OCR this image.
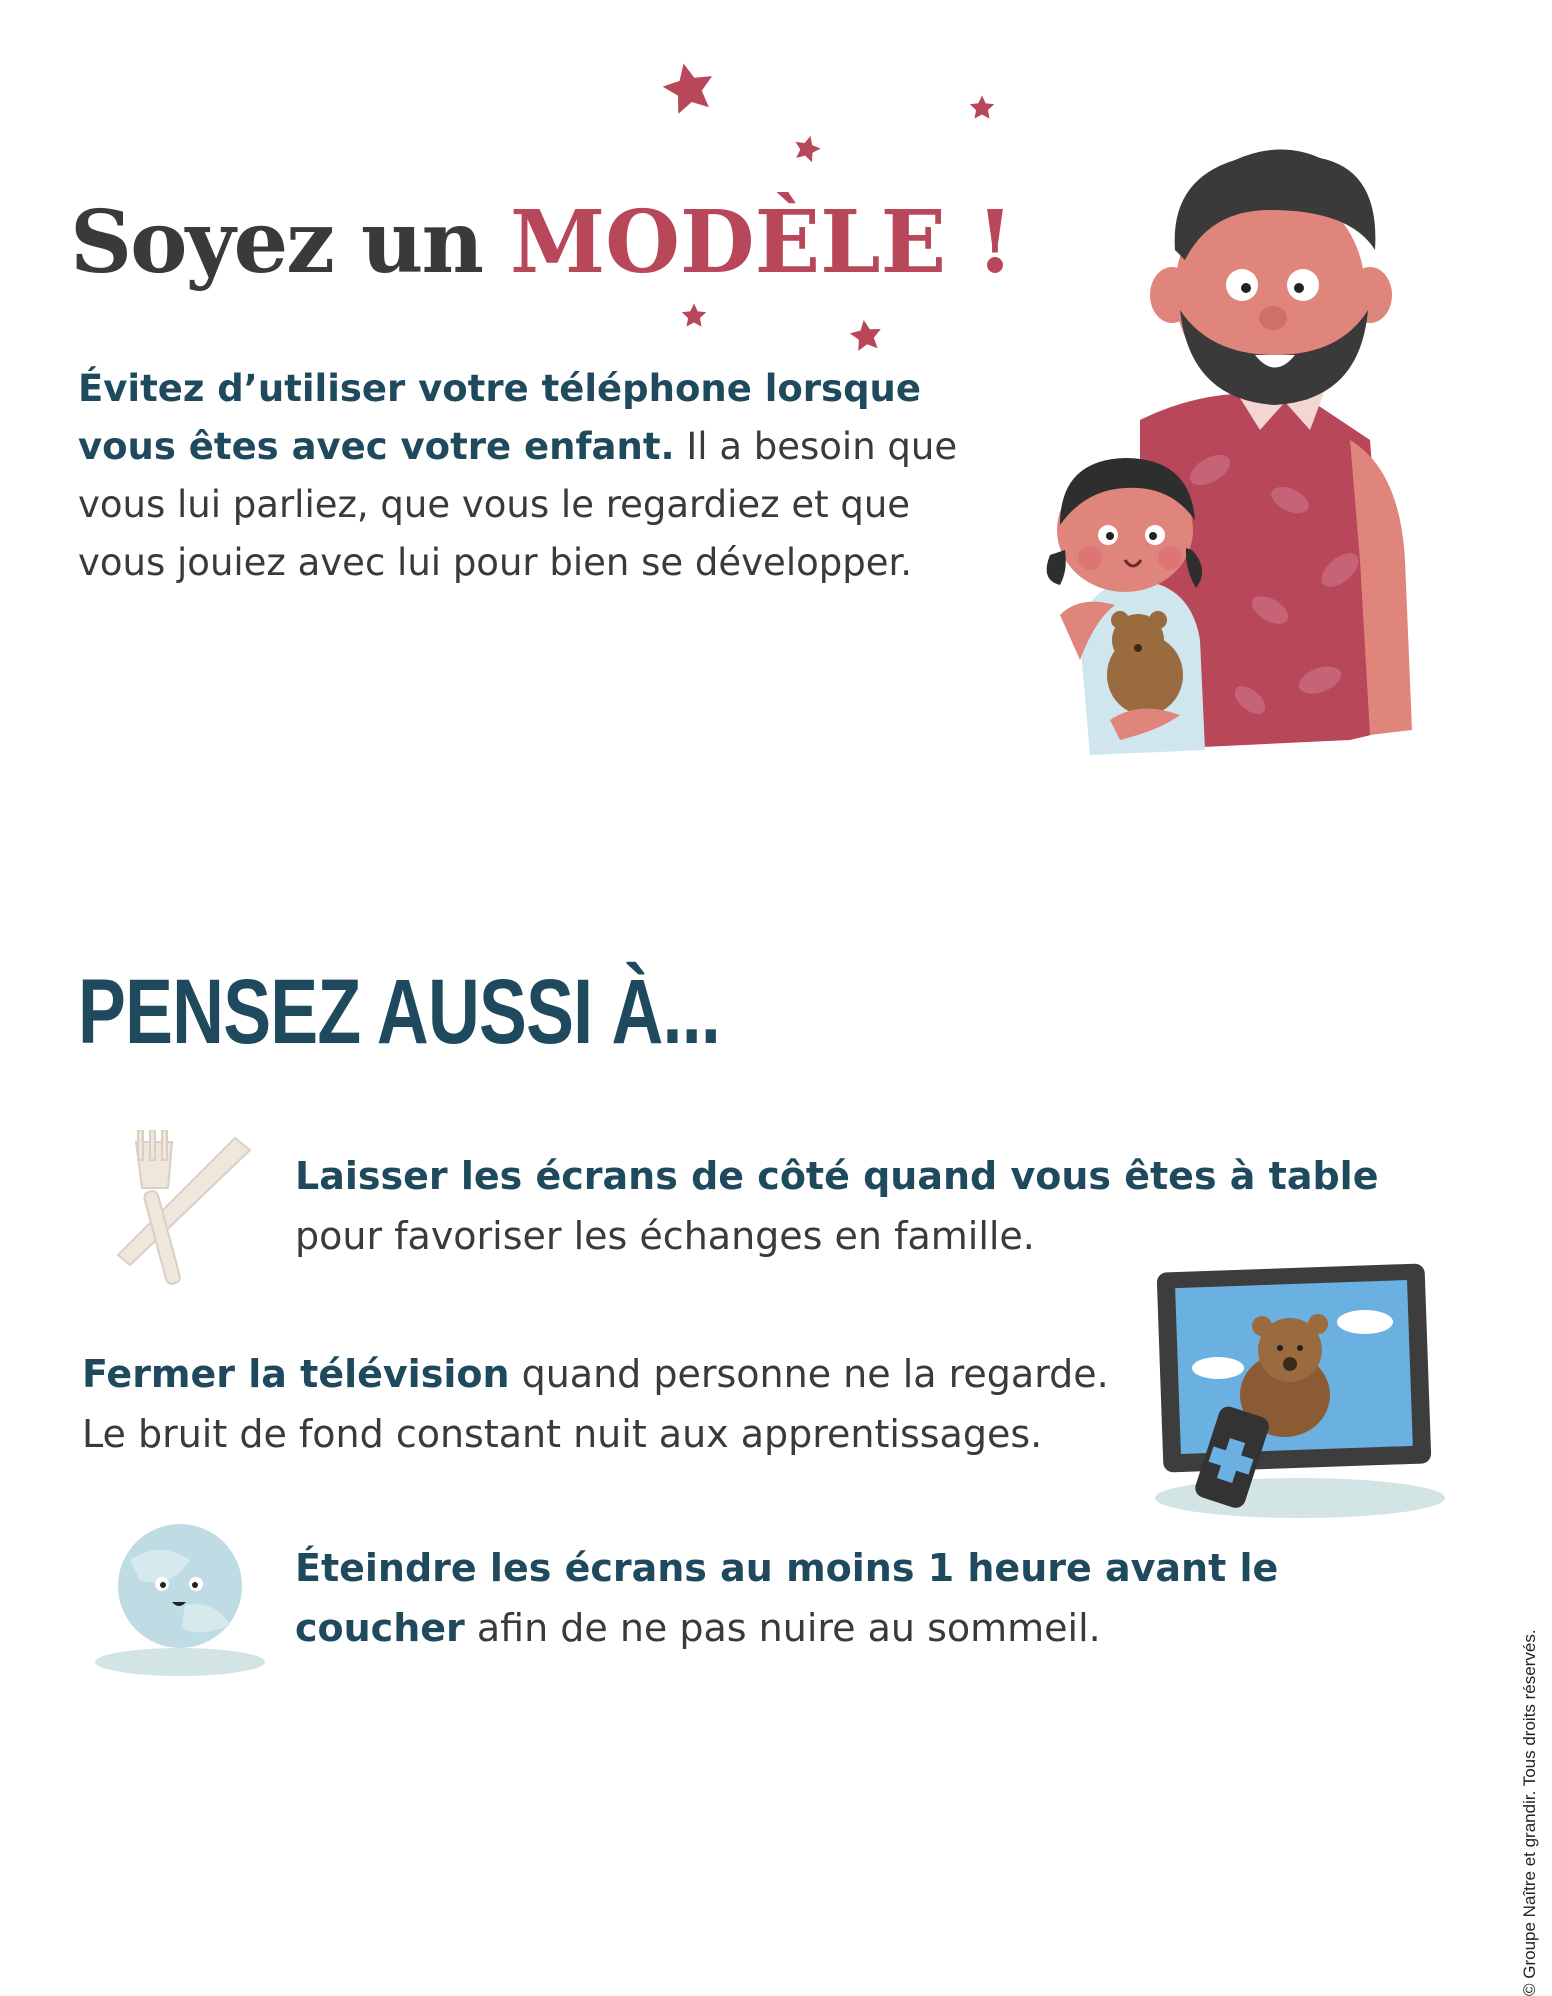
Soyez un MODÈLE !
Évitez d’utiliser votre téléphone lorsque vous êtes avec votre enfant. Il a besoin que vous lui parliez, que vous le regardiez et que vous jouiez avec lui pour bien se développer.
PENSEZ AUSSI À...
Laisser les écrans de côté quand vous êtes à table
pour favoriser les échanges en famille.
Fermer la télévision quand personne ne la regarde. Le bruit de fond constant nuit aux apprentissages.
Éteindre les écrans au moins 1 heure avant le coucher afin de ne pas nuire au sommeil.
© Groupe Naître et grandir. Tous droits réservés.
